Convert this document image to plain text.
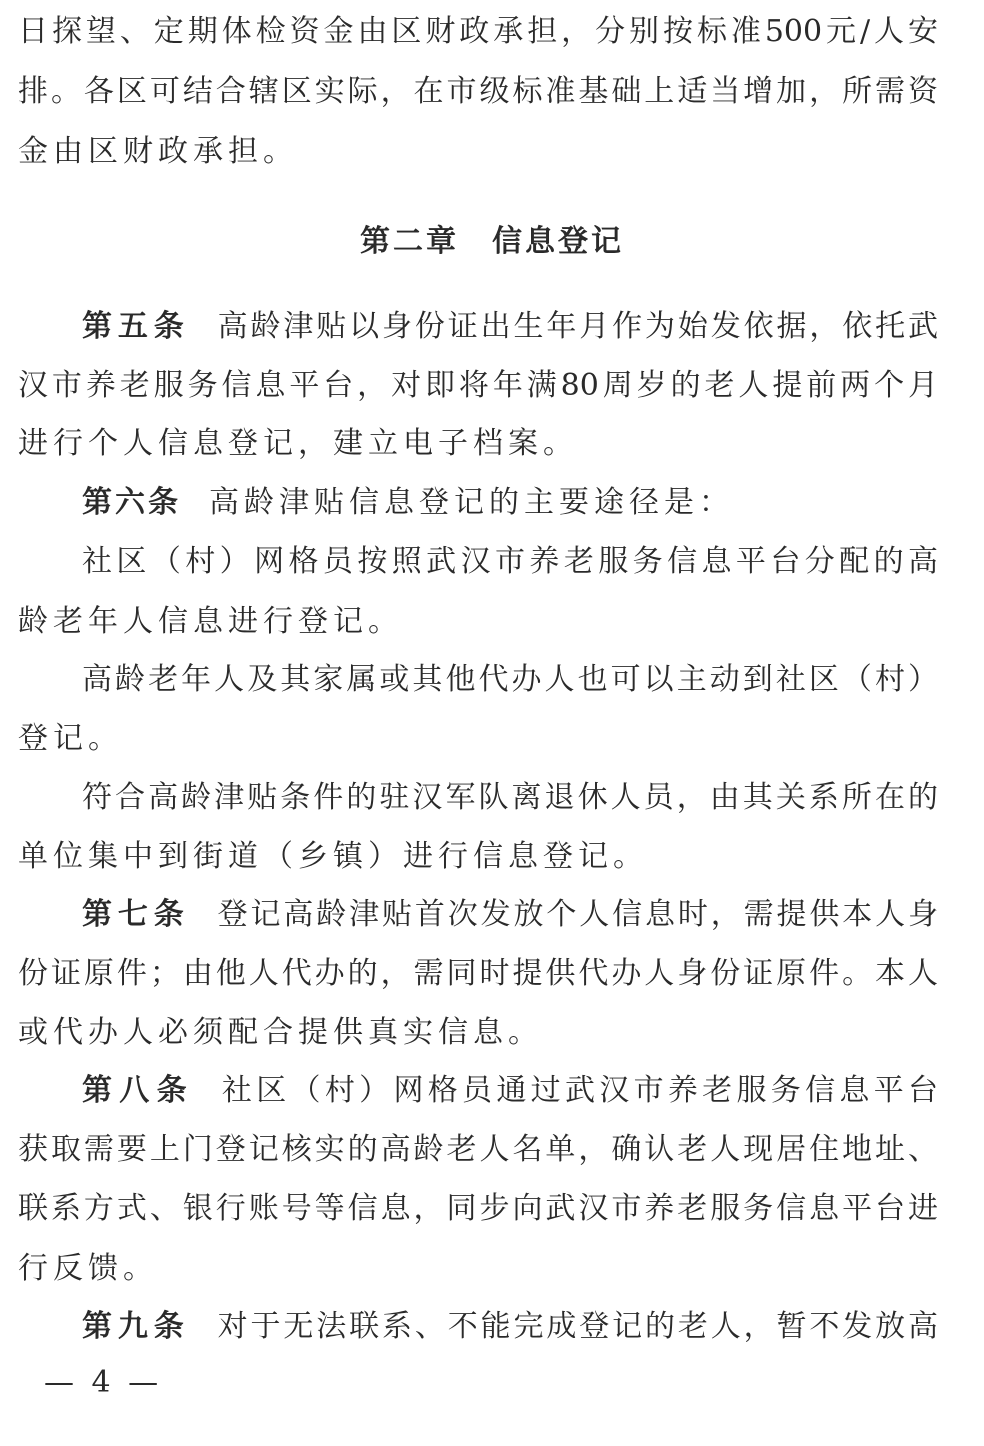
日探望、定期体检资金由区财政承担，分别按标准500元/人安
排。各区可结合辖区实际，在市级标准基础上适当增加，所需资
金由区财政承担。
第二章　信息登记
第五条 高龄津贴以身份证出生年月作为始发依据，依托武
汉市养老服务信息平台，对即将年满80周岁的老人提前两个月
进行个人信息登记，建立电子档案。
第六条 高龄津贴信息登记的主要途径是：
社区（村）网格员按照武汉市养老服务信息平台分配的高
龄老年人信息进行登记。
高龄老年人及其家属或其他代办人也可以主动到社区（村）
登记。
符合高龄津贴条件的驻汉军队离退休人员，由其关系所在的
单位集中到街道（乡镇）进行信息登记。
第七条 登记高龄津贴首次发放个人信息时，需提供本人身
份证原件；由他人代办的，需同时提供代办人身份证原件。本人
或代办人必须配合提供真实信息。
第八条 社区（村）网格员通过武汉市养老服务信息平台
获取需要上门登记核实的高龄老人名单，确认老人现居住地址、
联系方式、银行账号等信息，同步向武汉市养老服务信息平台进
行反馈。
第九条 对于无法联系、不能完成登记的老人，暂不发放高
— 4 —
